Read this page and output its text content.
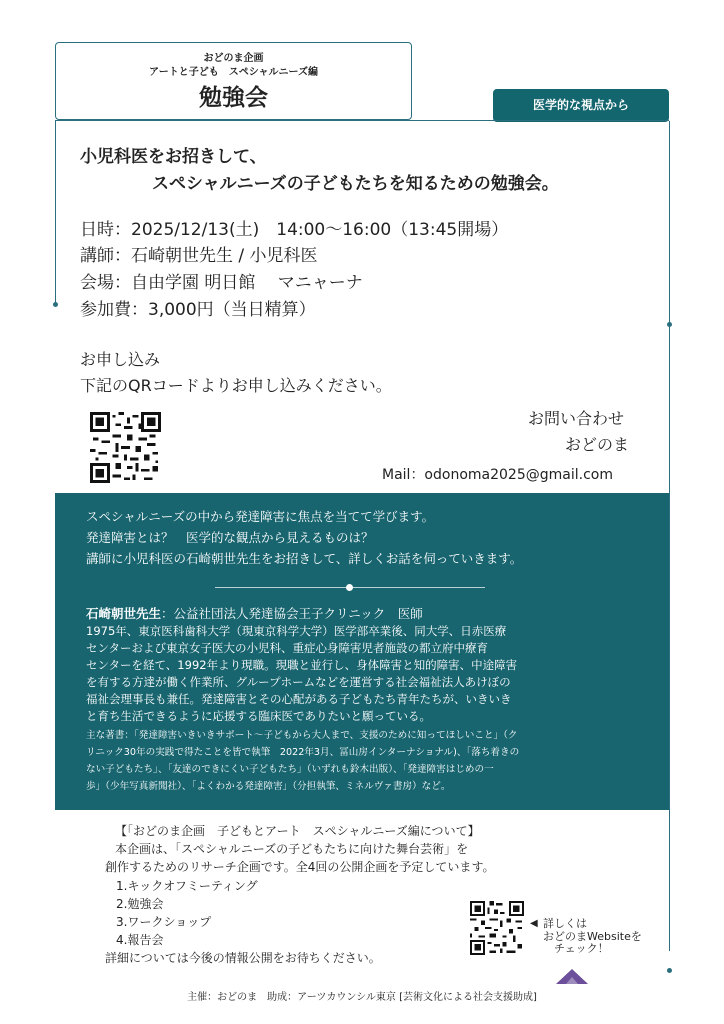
おどのま企画
アートと子ども　スペシャルニーズ編
勉強会	医学的な視点から
小児科医をお招きして、
スペシャルニーズの子どもたちを知るための勉強会。
日時：2025/12/13(土)　14:00〜16:00（13:45開場）
講師：石崎朝世先生 / 小児科医
会場：自由学園 明日館　 マニャーナ
参加費：3,000円（当日精算）
お申し込み
下記のQRコードよりお申し込みください。
お問い合わせ
おどのま
Mail：odonoma2025@gmail.com
スペシャルニーズの中から発達障害に焦点を当てて学びます。
発達障害とは？　医学的な観点から見えるものは？
講師に小児科医の石崎朝世先生をお招きして、詳しくお話を伺っていきます。
石崎朝世先生：公益社団法人発達協会王子クリニック　医師
1975年、東京医科歯科大学（現東京科学大学）医学部卒業後、同大学、日赤医療
センターおよび東京女子医大の小児科、重症心身障害児者施設の都立府中療育
センターを経て、1992年より現職。現職と並行し、身体障害と知的障害、中途障害
を有する方達が働く作業所、グループホームなどを運営する社会福祉法人あけぼの
福祉会理事長も兼任。発達障害とその心配がある子どもたち青年たちが、いきいき
と育ち生活できるように応援する臨床医でありたいと願っている。
主な著書：「発達障害いきいきサポート〜子どもから大人まで、支援のために知ってほしいこと」（ク
リニック30年の実践で得たことを皆で執筆　2022年3月、冨山房インターナショナル)、「落ち着きの
ない子どもたち」、「友達のできにくい子どもたち」（いずれも鈴木出版）、「発達障害はじめの一
歩」（少年写真新聞社）、「よくわかる発達障害」（分担執筆、ミネルヴァ書房）など。
【「おどのま企画　子どもとアート　スペシャルニーズ編について】
本企画は、「スペシャルニーズの子どもたちに向けた舞台芸術」を
創作するためのリサーチ企画です。全4回の公開企画を予定しています。
1.キックオフミーティング
2.勉強会
3.ワークショップ
4.報告会
詳細については今後の情報公開をお待ちください。
◀ 詳しくは
おどのまWebsiteを
　チェック！
主催：おどのま　助成：アーツカウンシル東京 [芸術文化による社会支援助成]
